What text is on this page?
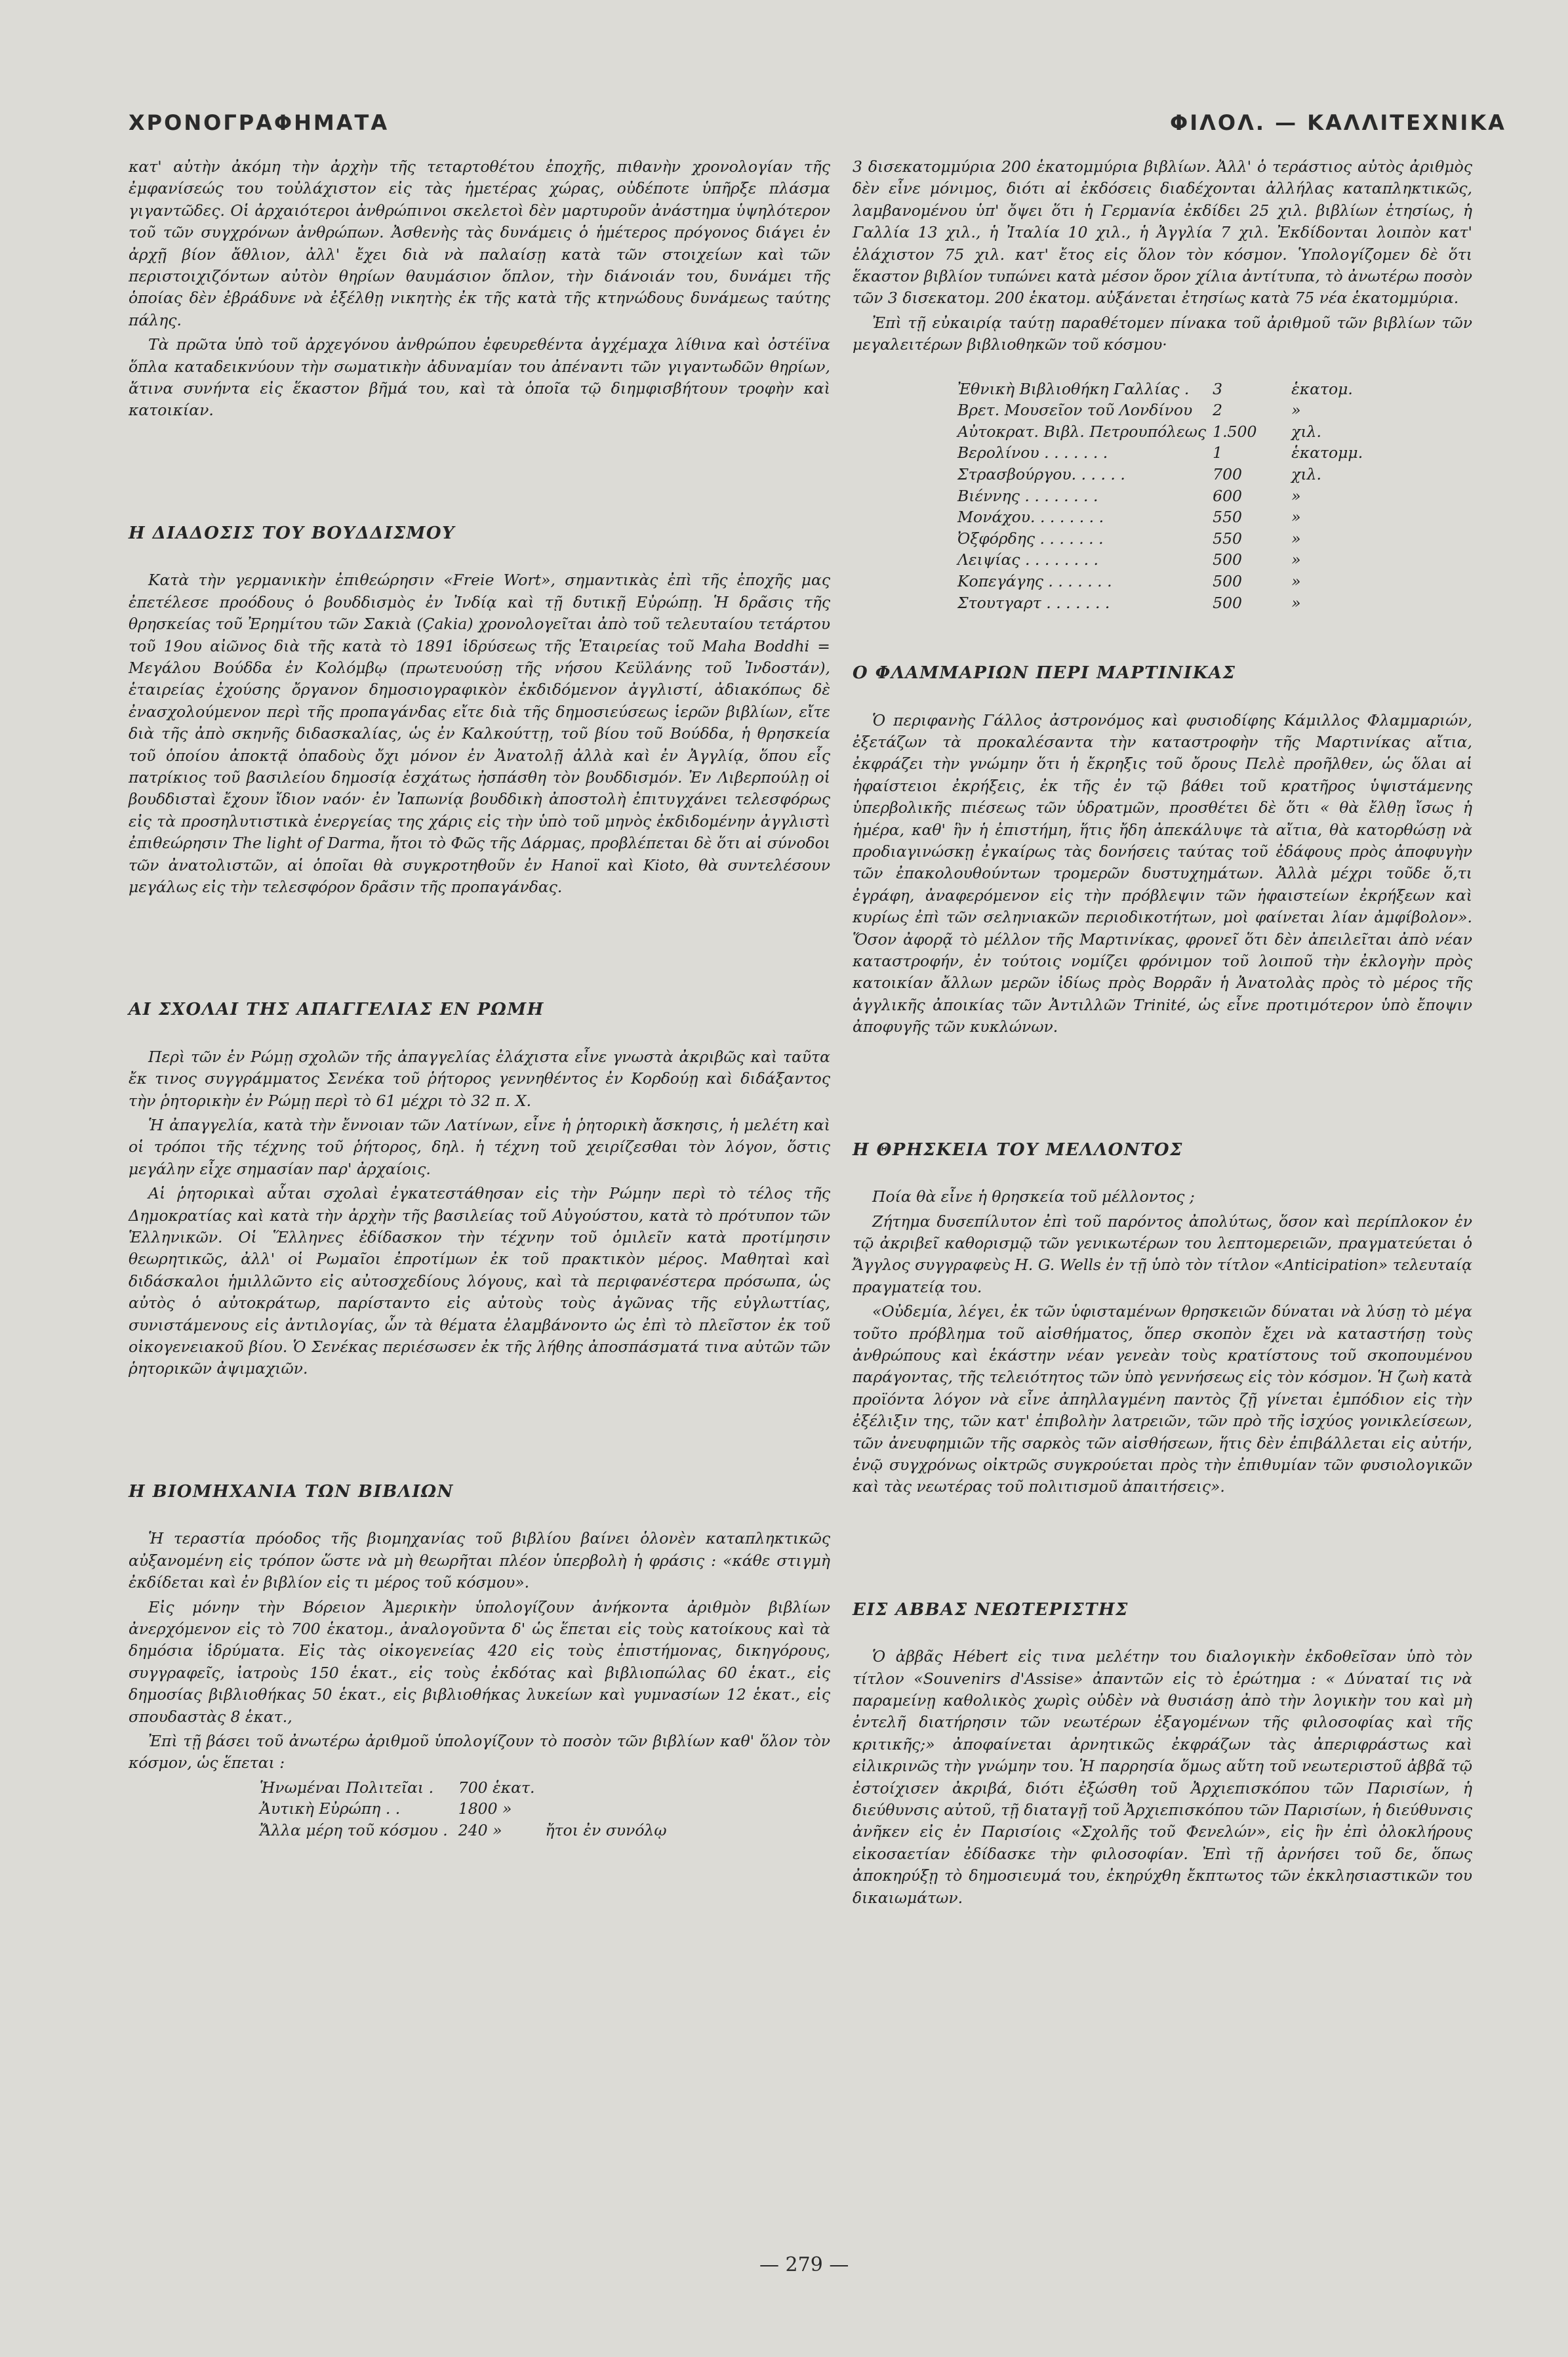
ΧΡΟΝΟΓΡΑΦΗΜΑΤΑ	ΦΙΛΟΛ. — ΚΑΛΛΙΤΕΧΝΙΚΑ

κατ' αὐτὴν ἀκόμη τὴν ἀρχὴν τῆς τεταρτοθέτου ἐποχῆς, πιθανὴν χρονολογίαν τῆς ἐμφανίσεώς του τοὐλάχιστον εἰς τὰς ἡμετέρας χώρας, οὐδέποτε ὑπῆρξε πλάσμα γιγαντῶδες. Οἱ ἀρχαιότεροι ἀνθρώπινοι σκελετοὶ δὲν μαρτυροῦν ἀνάστημα ὑψηλότερον τοῦ τῶν συγχρόνων ἀνθρώπων. Ἀσθενὴς τὰς δυνάμεις ὁ ἡμέτερος πρόγονος διάγει ἐν ἀρχῇ βίον ἄθλιον, ἀλλ' ἔχει διὰ νὰ παλαίσῃ κατὰ τῶν στοιχείων καὶ τῶν περιστοιχιζόντων αὐτὸν θηρίων θαυμάσιον ὅπλον, τὴν διάνοιάν του, δυνάμει τῆς ὁποίας δὲν ἐβράδυνε νὰ ἐξέλθῃ νικητὴς ἐκ τῆς κατὰ τῆς κτηνώδους δυνάμεως ταύτης πάλης.

Τὰ πρῶτα ὑπὸ τοῦ ἀρχεγόνου ἀνθρώπου ἐφευρεθέντα ἀγχέμαχα λίθινα καὶ ὀστέϊνα ὅπλα καταδεικνύουν τὴν σωματικὴν ἀδυναμίαν του ἀπέναντι τῶν γιγαντωδῶν θηρίων, ἅτινα συνήντα εἰς ἕκαστον βῆμά του, καὶ τὰ ὁποῖα τῷ διημφισβήτουν τροφὴν καὶ κατοικίαν.

Η ΔΙΑΔΟΣΙΣ ΤΟΥ ΒΟΥΔΔΙΣΜΟΥ

Κατὰ τὴν γερμανικὴν ἐπιθεώρησιν «Freie Wort», σημαντικὰς ἐπὶ τῆς ἐποχῆς μας ἐπετέλεσε προόδους ὁ βουδδισμὸς ἐν Ἰνδίᾳ καὶ τῇ δυτικῇ Εὐρώπῃ. Ἡ δρᾶσις τῆς θρησκείας τοῦ Ἐρημίτου τῶν Σακιὰ (Çakia) χρονολογεῖται ἀπὸ τοῦ τελευταίου τετάρτου τοῦ 19ου αἰῶνος διὰ τῆς κατὰ τὸ 1891 ἱδρύσεως τῆς Ἑταιρείας τοῦ Maha Boddhi = Μεγάλου Βούδδα ἐν Κολόμβῳ (πρωτευούσῃ τῆς νήσου Κεϋλάνης τοῦ Ἰνδοστάν), ἑταιρείας ἐχούσης ὄργανον δημοσιογραφικὸν ἐκδιδόμενον ἀγγλιστί, ἀδιακόπως δὲ ἐνασχολούμενον περὶ τῆς προπαγάνδας εἴτε διὰ τῆς δημοσιεύσεως ἱερῶν βιβλίων, εἴτε διὰ τῆς ἀπὸ σκηνῆς διδασκαλίας, ὡς ἐν Καλκούττῃ, τοῦ βίου τοῦ Βούδδα, ἡ θρησκεία τοῦ ὁποίου ἀποκτᾷ ὀπαδοὺς ὄχι μόνον ἐν Ἀνατολῇ ἀλλὰ καὶ ἐν Ἀγγλίᾳ, ὅπου εἷς πατρίκιος τοῦ βασιλείου δημοσίᾳ ἐσχάτως ἠσπάσθη τὸν βουδδισμόν. Ἐν Λιβερπούλῃ οἱ βουδδισταὶ ἔχουν ἴδιον ναόν· ἐν Ἰαπωνίᾳ βουδδικὴ ἀποστολὴ ἐπιτυγχάνει τελεσφόρως εἰς τὰ προσηλυτιστικὰ ἐνεργείας της χάρις εἰς τὴν ὑπὸ τοῦ μηνὸς ἐκδιδομένην ἀγγλιστὶ ἐπιθεώρησιν The light of Darma, ἤτοι τὸ Φῶς τῆς Δάρμας, προβλέπεται δὲ ὅτι αἱ σύνοδοι τῶν ἀνατολιστῶν, αἱ ὁποῖαι θὰ συγκροτηθοῦν ἐν Hanoï καὶ Kioto, θὰ συντελέσουν μεγάλως εἰς τὴν τελεσφόρον δρᾶσιν τῆς προπαγάνδας.

ΑΙ ΣΧΟΛΑΙ ΤΗΣ ΑΠΑΓΓΕΛΙΑΣ ΕΝ ΡΩΜΗ

Περὶ τῶν ἐν Ρώμῃ σχολῶν τῆς ἀπαγγελίας ἐλάχιστα εἶνε γνωστὰ ἀκριβῶς καὶ ταῦτα ἔκ τινος συγγράμματος Σενέκα τοῦ ῥήτορος γεννηθέντος ἐν Κορδούῃ καὶ διδάξαντος τὴν ῥητορικὴν ἐν Ρώμῃ περὶ τὸ 61 μέχρι τὸ 32 π. Χ.

Ἡ ἀπαγγελία, κατὰ τὴν ἔννοιαν τῶν Λατίνων, εἶνε ἡ ῥητορικὴ ἄσκησις, ἡ μελέτη καὶ οἱ τρόποι τῆς τέχνης τοῦ ῥήτορος, δηλ. ἡ τέχνη τοῦ χειρίζεσθαι τὸν λόγον, ὅστις μεγάλην εἶχε σημασίαν παρ' ἀρχαίοις.

Αἱ ῥητορικαὶ αὗται σχολαὶ ἐγκατεστάθησαν εἰς τὴν Ρώμην περὶ τὸ τέλος τῆς Δημοκρατίας καὶ κατὰ τὴν ἀρχὴν τῆς βασιλείας τοῦ Αὐγούστου, κατὰ τὸ πρότυπον τῶν Ἑλληνικῶν. Οἱ Ἕλληνες ἐδίδασκον τὴν τέχνην τοῦ ὁμιλεῖν κατὰ προτίμησιν θεωρητικῶς, ἀλλ' οἱ Ρωμαῖοι ἐπροτίμων ἐκ τοῦ πρακτικὸν μέρος. Μαθηταὶ καὶ διδάσκαλοι ἡμιλλῶντο εἰς αὐτοσχεδίους λόγους, καὶ τὰ περιφανέστερα πρόσωπα, ὡς αὐτὸς ὁ αὐτοκράτωρ, παρίσταντο εἰς αὐτοὺς τοὺς ἀγῶνας τῆς εὐγλωττίας, συνιστάμενους εἰς ἀντιλογίας, ὧν τὰ θέματα ἐλαμβάνοντο ὡς ἐπὶ τὸ πλεῖστον ἐκ τοῦ οἰκογενειακοῦ βίου. Ὁ Σενέκας περιέσωσεν ἐκ τῆς λήθης ἀποσπάσματά τινα αὐτῶν τῶν ῥητορικῶν ἀψιμαχιῶν.

Η ΒΙΟΜΗΧΑΝΙΑ ΤΩΝ ΒΙΒΛΙΩΝ

Ἡ τεραστία πρόοδος τῆς βιομηχανίας τοῦ βιβλίου βαίνει ὁλονὲν καταπληκτικῶς αὐξανομένη εἰς τρόπον ὥστε νὰ μὴ θεωρῆται πλέον ὑπερβολὴ ἡ φράσις : «κάθε στιγμὴ ἐκδίδεται καὶ ἐν βιβλίον εἰς τι μέρος τοῦ κόσμου».

Εἰς μόνην τὴν Βόρειον Ἀμερικὴν ὑπολογίζουν ἀνήκοντα ἀριθμὸν βιβλίων ἀνερχόμενον εἰς τὸ 700 ἑκατομ., ἀναλογοῦντα δ' ὡς ἕπεται εἰς τοὺς κατοίκους καὶ τὰ δημόσια ἱδρύματα. Εἰς τὰς οἰκογενείας 420 εἰς τοὺς ἐπιστήμονας, δικηγόρους, συγγραφεῖς, ἰατροὺς 150 ἑκατ., εἰς τοὺς ἐκδότας καὶ βιβλιοπώλας 60 ἑκατ., εἰς δημοσίας βιβλιοθήκας 50 ἑκατ., εἰς βιβλιοθήκας λυκείων καὶ γυμνασίων 12 ἑκατ., εἰς σπουδαστὰς 8 ἑκατ.,

Ἐπὶ τῇ βάσει τοῦ ἀνωτέρω ἀριθμοῦ ὑπολογίζουν τὸ ποσὸν τῶν βιβλίων καθ' ὅλον τὸν κόσμον, ὡς ἕπεται :

Ἡνωμέναι Πολιτεῖαι .	700 ἑκατ.	
Ἀυτικὴ Εὐρώπη . .	1800 »	
Ἄλλα μέρη τοῦ κόσμου .	240 »	ἤτοι ἐν συνόλῳ

3 δισεκατομμύρια 200 ἑκατομμύρια βιβλίων. Ἀλλ' ὁ τεράστιος αὐτὸς ἀριθμὸς δὲν εἶνε μόνιμος, διότι αἱ ἐκδόσεις διαδέχονται ἀλλήλας καταπληκτικῶς, λαμβανομένου ὑπ' ὄψει ὅτι ἡ Γερμανία ἐκδίδει 25 χιλ. βιβλίων ἐτησίως, ἡ Γαλλία 13 χιλ., ἡ Ἰταλία 10 χιλ., ἡ Ἀγγλία 7 χιλ. Ἐκδίδονται λοιπὸν κατ' ἐλάχιστον 75 χιλ. κατ' ἔτος εἰς ὅλον τὸν κόσμον. Ὑπολογίζομεν δὲ ὅτι ἕκαστον βιβλίον τυπώνει κατὰ μέσον ὅρον χίλια ἀντίτυπα, τὸ ἀνωτέρω ποσὸν τῶν 3 δισεκατομ. 200 ἑκατομ. αὐξάνεται ἐτησίως κατὰ 75 νέα ἑκατομμύρια.

Ἐπὶ τῇ εὐκαιρίᾳ ταύτῃ παραθέτομεν πίνακα τοῦ ἀριθμοῦ τῶν βιβλίων τῶν μεγαλειτέρων βιβλιοθηκῶν τοῦ κόσμου·

Ἐθνικὴ Βιβλιοθήκη Γαλλίας .	3	ἑκατομ.
Βρετ. Μουσεῖον τοῦ Λονδίνου	2	»
Αὐτοκρατ. Βιβλ. Πετρουπόλεως	1.500	χιλ.
Βερολίνου . . . . . . .	1	ἑκατομμ.
Στρασβούργου. . . . . .	700	χιλ.
Βιέννης . . . . . . . .	600	»
Μονάχου. . . . . . . .	550	»
Ὀξφόρδης . . . . . . .	550	»
Λειψίας . . . . . . . .	500	»
Κοπεγάγης . . . . . . .	500	»
Στουτγαρτ . . . . . . .	500	»
Ο ΦΛΑΜΜΑΡΙΩΝ ΠΕΡΙ ΜΑΡΤΙΝΙΚΑΣ

Ὁ περιφανὴς Γάλλος ἀστρονόμος καὶ φυσιοδίφης Κάμιλλος Φλαμμαριών, ἐξετάζων τὰ προκαλέσαντα τὴν καταστροφὴν τῆς Μαρτινίκας αἴτια, ἐκφράζει τὴν γνώμην ὅτι ἡ ἔκρηξις τοῦ ὄρους Πελὲ προῆλθεν, ὡς ὅλαι αἱ ἡφαίστειοι ἐκρήξεις, ἐκ τῆς ἐν τῷ βάθει τοῦ κρατῆρος ὑψιστάμενης ὑπερβολικῆς πιέσεως τῶν ὑδρατμῶν, προσθέτει δὲ ὅτι « θὰ ἔλθῃ ἴσως ἡ ἡμέρα, καθ' ἣν ἡ ἐπιστήμη, ἥτις ἤδη ἀπεκάλυψε τὰ αἴτια, θὰ κατορθώσῃ νὰ προδιαγινώσκῃ ἐγκαίρως τὰς δονήσεις ταύτας τοῦ ἐδάφους πρὸς ἀποφυγὴν τῶν ἐπακολουθούντων τρομερῶν δυστυχημάτων. Ἀλλὰ μέχρι τοῦδε ὅ,τι ἐγράφη, ἀναφερόμενον εἰς τὴν πρόβλεψιν τῶν ἡφαιστείων ἐκρήξεων καὶ κυρίως ἐπὶ τῶν σεληνιακῶν περιοδικοτήτων, μοὶ φαίνεται λίαν ἀμφίβολον». Ὅσον ἀφορᾷ τὸ μέλλον τῆς Μαρτινίκας, φρονεῖ ὅτι δὲν ἀπειλεῖται ἀπὸ νέαν καταστροφήν, ἐν τούτοις νομίζει φρόνιμον τοῦ λοιποῦ τὴν ἐκλογὴν πρὸς κατοικίαν ἄλλων μερῶν ἰδίως πρὸς Βορρᾶν ἡ Ἀνατολὰς πρὸς τὸ μέρος τῆς ἀγγλικῆς ἀποικίας τῶν Ἀντιλλῶν Trinité, ὡς εἶνε προτιμότερον ὑπὸ ἔποψιν ἀποφυγῆς τῶν κυκλώνων.

Η ΘΡΗΣΚΕΙΑ ΤΟΥ ΜΕΛΛΟΝΤΟΣ

Ποία θὰ εἶνε ἡ θρησκεία τοῦ μέλλοντος ;

Ζήτημα δυσεπίλυτον ἐπὶ τοῦ παρόντος ἀπολύτως, ὅσον καὶ περίπλοκον ἐν τῷ ἀκριβεῖ καθορισμῷ τῶν γενικωτέρων του λεπτομερειῶν, πραγματεύεται ὁ Ἄγγλος συγγραφεὺς H. G. Wells ἐν τῇ ὑπὸ τὸν τίτλον «Anticipation» τελευταίᾳ πραγματείᾳ του.

«Οὐδεμία, λέγει, ἐκ τῶν ὑφισταμένων θρησκειῶν δύναται νὰ λύσῃ τὸ μέγα τοῦτο πρόβλημα τοῦ αἰσθήματος, ὅπερ σκοπὸν ἔχει νὰ καταστήσῃ τοὺς ἀνθρώπους καὶ ἑκάστην νέαν γενεὰν τοὺς κρατίστους τοῦ σκοπουμένου παράγοντας, τῆς τελειότητος τῶν ὑπὸ γεννήσεως εἰς τὸν κόσμον. Ἡ ζωὴ κατὰ προϊόντα λόγον νὰ εἶνε ἀπηλλαγμένη παντὸς ζῇ γίνεται ἐμπόδιον εἰς τὴν ἐξέλιξιν της, τῶν κατ' ἐπιβολὴν λατρειῶν, τῶν πρὸ τῆς ἰσχύος γονικλείσεων, τῶν ἀνευφημιῶν τῆς σαρκὸς τῶν αἰσθήσεων, ἥτις δὲν ἐπιβάλλεται εἰς αὐτήν, ἐνῷ συγχρόνως οἰκτρῶς συγκρούεται πρὸς τὴν ἐπιθυμίαν τῶν φυσιολογικῶν καὶ τὰς νεωτέρας τοῦ πολιτισμοῦ ἀπαιτήσεις».

ΕΙΣ ΑΒΒΑΣ ΝΕΩΤΕΡΙΣΤΗΣ

Ὁ ἀββᾶς Hébert εἰς τινα μελέτην του διαλογικὴν ἐκδοθεῖσαν ὑπὸ τὸν τίτλον «Souvenirs d'Assise» ἀπαντῶν εἰς τὸ ἐρώτημα : « Δύναταί τις νὰ παραμείνῃ καθολικὸς χωρὶς οὐδὲν νὰ θυσιάσῃ ἀπὸ τὴν λογικὴν του καὶ μὴ ἐντελῆ διατήρησιν τῶν νεωτέρων ἐξαγομένων τῆς φιλοσοφίας καὶ τῆς κριτικῆς;» ἀποφαίνεται ἀρνητικῶς ἐκφράζων τὰς ἀπεριφράστως καὶ εἰλικρινῶς τὴν γνώμην του. Ἡ παρρησία ὅμως αὕτη τοῦ νεωτεριστοῦ ἀββᾶ τῷ ἐστοίχισεν ἀκριβά, διότι ἐξώσθη τοῦ Ἀρχιεπισκόπου τῶν Παρισίων, ἡ διεύθυνσις αὐτοῦ, τῇ διαταγῇ τοῦ Ἀρχιεπισκόπου τῶν Παρισίων, ἡ διεύθυνσις ἀνῆκεν εἰς ἐν Παρισίοις «Σχολῆς τοῦ Φενελών», εἰς ἣν ἐπὶ ὀλοκλήρους εἰκοσαετίαν ἐδίδασκε τὴν φιλοσοφίαν. Ἐπὶ τῇ ἀρνήσει τοῦ δε, ὅπως ἀποκηρύξῃ τὸ δημοσιευμά του, ἐκηρύχθη ἔκπτωτος τῶν ἐκκλησιαστικῶν του δικαιωμάτων.

— 279 —
